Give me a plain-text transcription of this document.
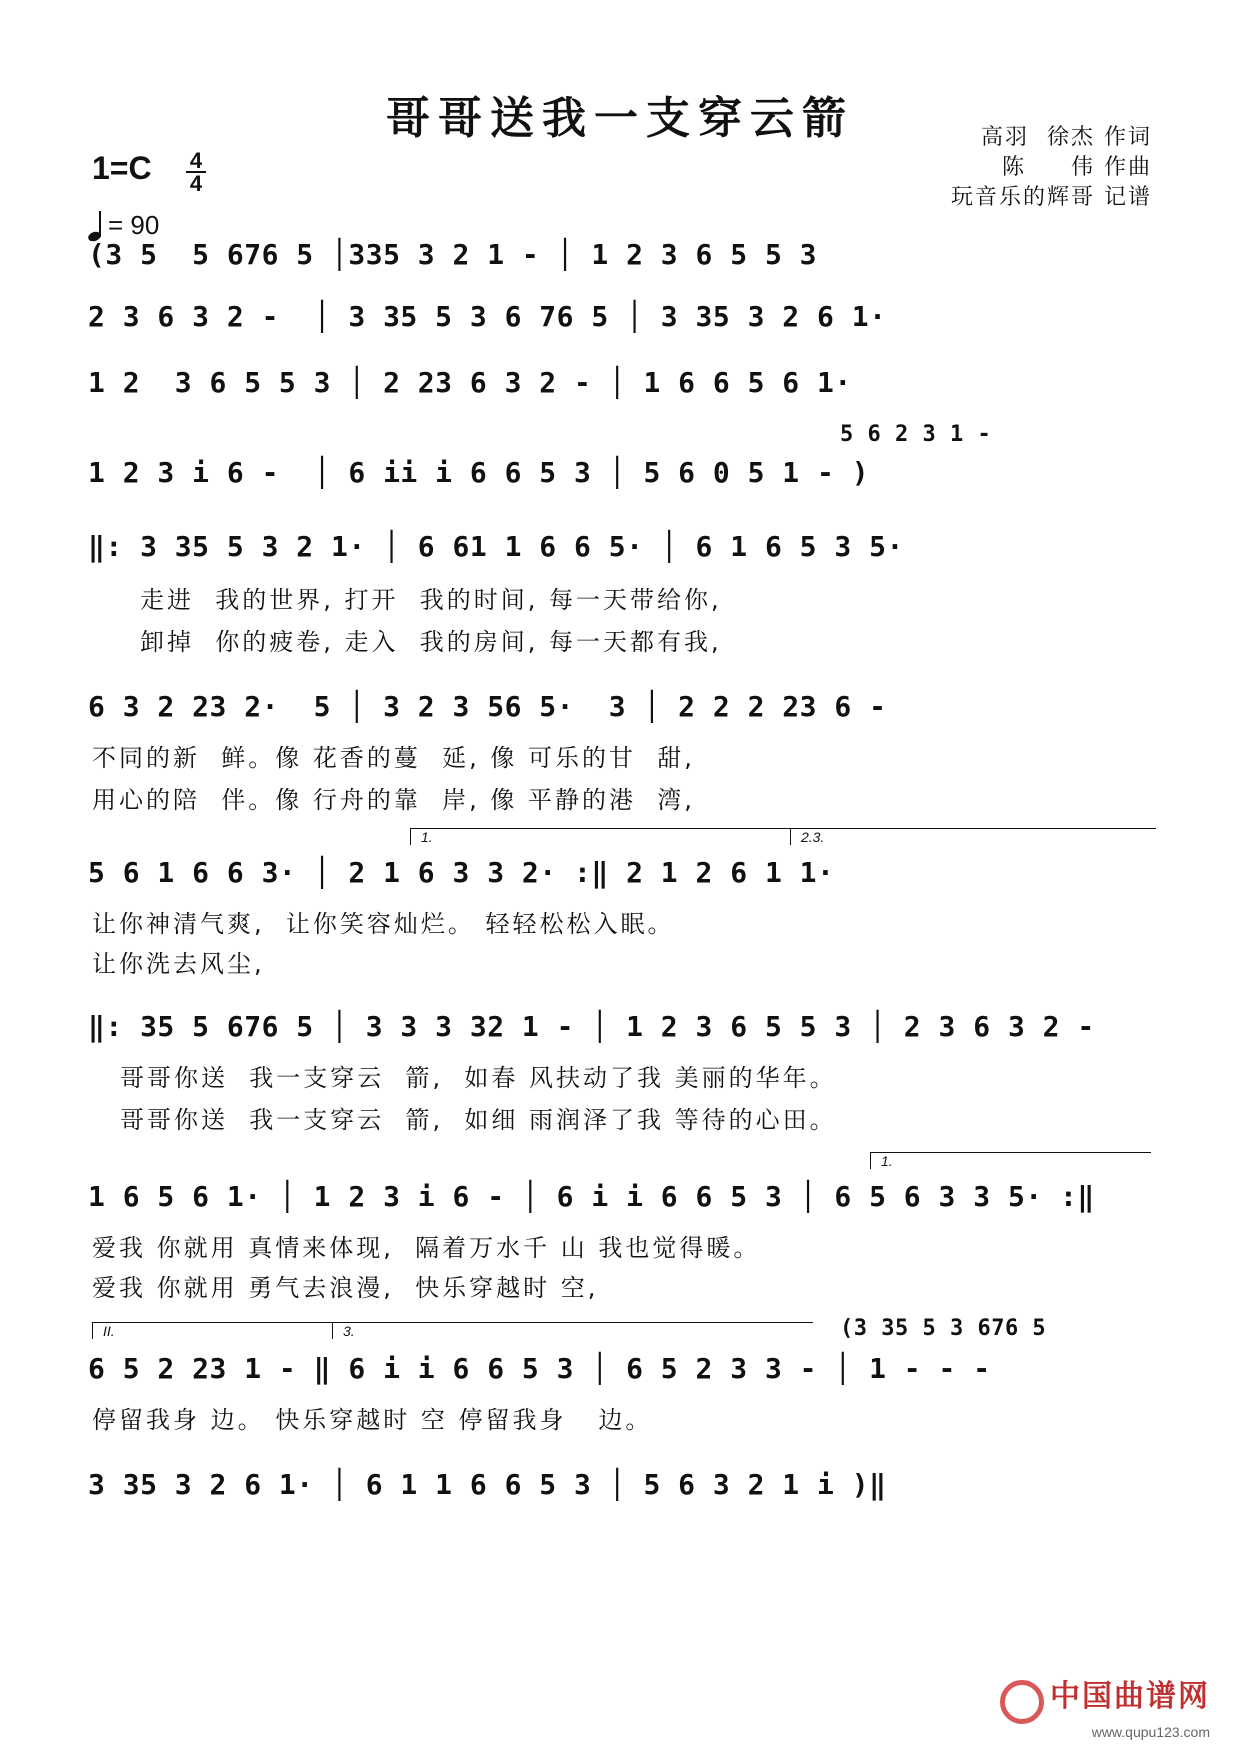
哥哥送我一支穿云箭	高羽  徐杰 作词
陈     伟 作曲
玩音乐的辉哥 记谱
1=C 4
4
= 90
(3 5  5 676 5 │335 3 2 1 - │ 1 2 3 6 5 5 3
2 3 6 3 2 -  │ 3 35 5 3 6 76 5 │ 3 35 3 2 6 1·
1 2  3 6 5 5 3 │ 2 23 6 3 2 - │ 1 6 6 5 6 1·
5 6 2 3 1 -
1 2 3 i 6 -  │ 6 ii i 6 6 5 3 │ 5 6 0 5 1 - )
‖: 3 35 5 3 2 1· │ 6 61 1 6 6 5· │ 6 1 6 5 3 5·
走进  我的世界, 打开  我的时间, 每一天带给你,
卸掉  你的疲卷, 走入  我的房间, 每一天都有我,
6 3 2 23 2·  5 │ 3 2 3 56 5·  3 │ 2 2 2 23 6 -
不同的新  鲜。像 花香的蔓  延, 像 可乐的甘  甜,
用心的陪  伴。像 行舟的靠  岸, 像 平静的港  湾,
1.	2.3.
5 6 1 6 6 3· │ 2 1 6 3 3 2· :‖ 2 1 2 6 1 1·
让你神清气爽,  让你笑容灿烂。 轻轻松松入眠。
让你洗去风尘,
‖: 35 5 676 5 │ 3 3 3 32 1 - │ 1 2 3 6 5 5 3 │ 2 3 6 3 2 -
哥哥你送  我一支穿云  箭,  如春 风扶动了我 美丽的华年。
哥哥你送  我一支穿云  箭,  如细 雨润泽了我 等待的心田。
1.
1 6 5 6 1· │ 1 2 3 i 6 - │ 6 i i 6 6 5 3 │ 6 5 6 3 3 5· :‖
爱我 你就用 真情来体现,  隔着万水千 山 我也觉得暖。
爱我 你就用 勇气去浪漫,  快乐穿越时 空,
II.	3.	(3 35 5 3 676 5
6 5 2 23 1 - ‖ 6 i i 6 6 5 3 │ 6 5 2 3 3 - │ 1 - - -
停留我身 边。 快乐穿越时 空 停留我身   边。
3 35 3 2 6 1· │ 6 1 1 6 6 5 3 │ 5 6 3 2 1 i )‖
中国曲谱网
www.qupu123.com
